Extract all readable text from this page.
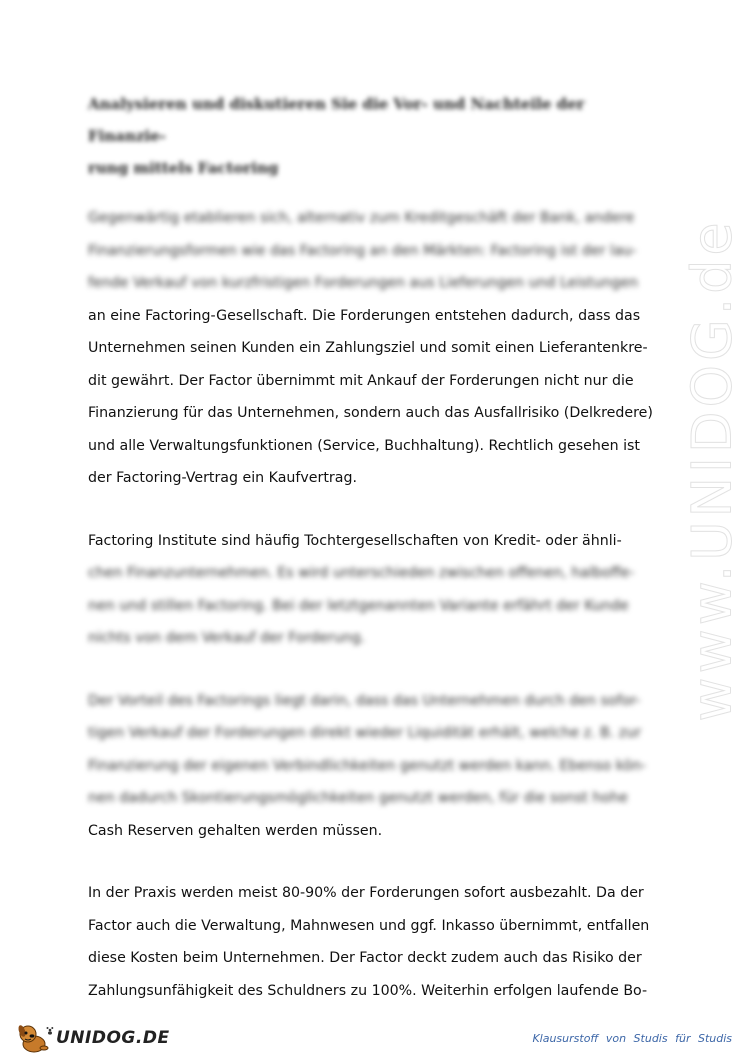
www.UNIDOG.de
Analysieren und diskutieren Sie die Vor- und Nachteile der Finanzie-
rung mittels Factoring
Gegenwärtig etablieren sich, alternativ zum Kreditgeschäft der Bank, andere
Finanzierungsformen wie das Factoring an den Märkten: Factoring ist der lau-
fende Verkauf von kurzfristigen Forderungen aus Lieferungen und Leistungen
an eine Factoring-Gesellschaft. Die Forderungen entstehen dadurch, dass das
Unternehmen seinen Kunden ein Zahlungsziel und somit einen Lieferantenkre-
dit gewährt. Der Factor übernimmt mit Ankauf der Forderungen nicht nur die
Finanzierung für das Unternehmen, sondern auch das Ausfallrisiko (Delkredere)
und alle Verwaltungsfunktionen (Service, Buchhaltung). Rechtlich gesehen ist
der Factoring-Vertrag ein Kaufvertrag.
Factoring Institute sind häufig Tochtergesellschaften von Kredit- oder ähnli-
chen Finanzunternehmen. Es wird unterschieden zwischen offenen, halboffe-
nen und stillen Factoring. Bei der letztgenannten Variante erfährt der Kunde
nichts von dem Verkauf der Forderung.
Der Vorteil des Factorings liegt darin, dass das Unternehmen durch den sofor-
tigen Verkauf der Forderungen direkt wieder Liquidität erhält, welche z. B. zur
Finanzierung der eigenen Verbindlichkeiten genutzt werden kann. Ebenso kön-
nen dadurch Skontierungsmöglichkeiten genutzt werden, für die sonst hohe
Cash Reserven gehalten werden müssen.
In der Praxis werden meist 80-90% der Forderungen sofort ausbezahlt. Da der
Factor auch die Verwaltung, Mahnwesen und ggf. Inkasso übernimmt, entfallen
diese Kosten beim Unternehmen. Der Factor deckt zudem auch das Risiko der
Zahlungsunfähigkeit des Schuldners zu 100%. Weiterhin erfolgen laufende Bo-
UNIDOG.DE	Klausurstoff von Studis für Studis
